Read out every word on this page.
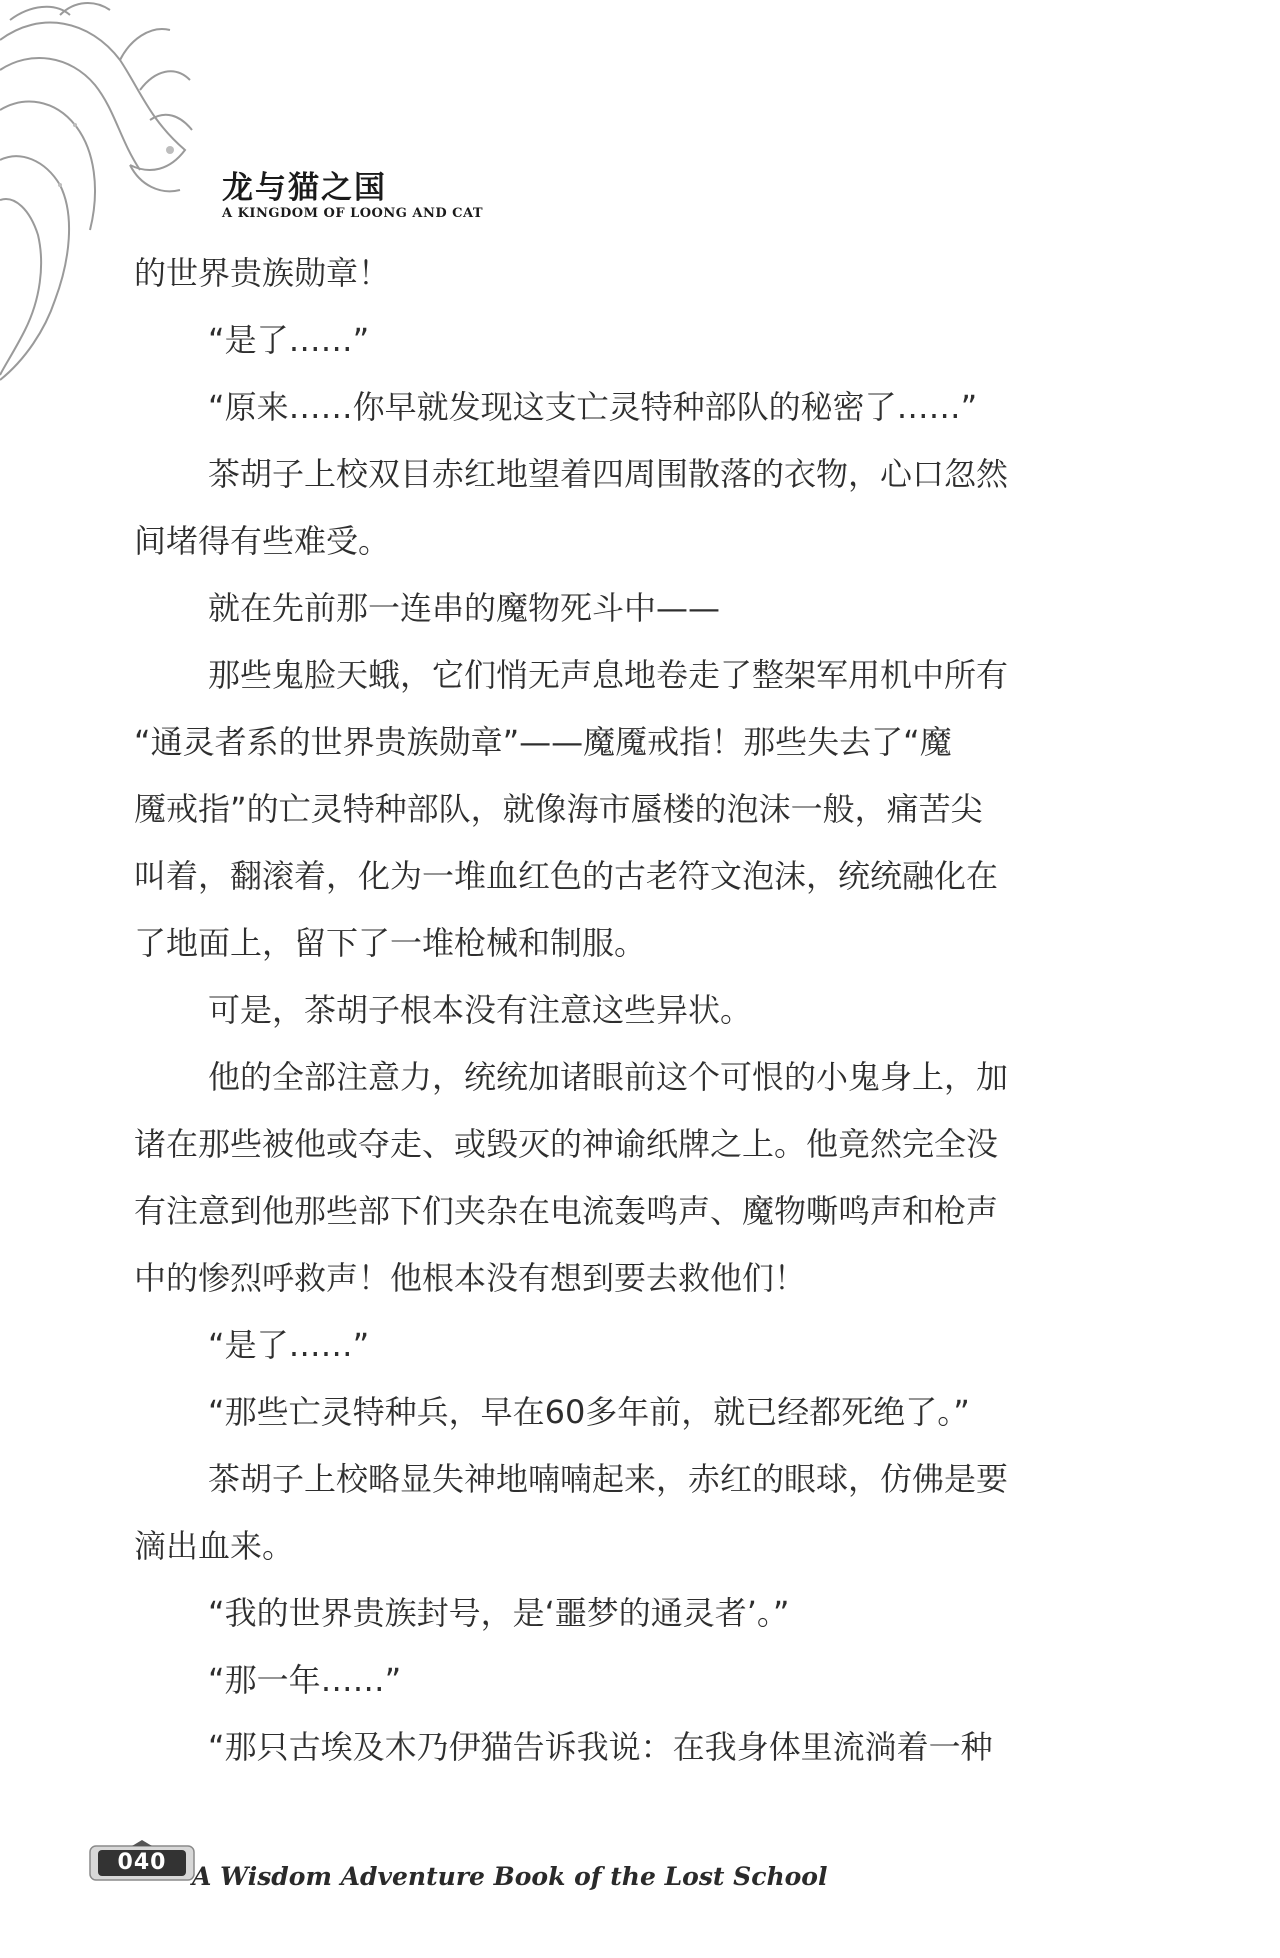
龙与猫之国
A KINGDOM OF LOONG AND CAT

的世界贵族勋章！

“是了……”

“原来……你早就发现这支亡灵特种部队的秘密了……”

茶胡子上校双目赤红地望着四周围散落的衣物，心口忽然

间堵得有些难受。

就在先前那一连串的魔物死斗中——

那些鬼脸天蛾，它们悄无声息地卷走了整架军用机中所有

“通灵者系的世界贵族勋章”——魔魇戒指！那些失去了“魔

魇戒指”的亡灵特种部队，就像海市蜃楼的泡沫一般，痛苦尖

叫着，翻滚着，化为一堆血红色的古老符文泡沫，统统融化在

了地面上，留下了一堆枪械和制服。

可是，茶胡子根本没有注意这些异状。

他的全部注意力，统统加诸眼前这个可恨的小鬼身上，加

诸在那些被他或夺走、或毁灭的神谕纸牌之上。他竟然完全没

有注意到他那些部下们夹杂在电流轰鸣声、魔物嘶鸣声和枪声

中的惨烈呼救声！他根本没有想到要去救他们！

“是了……”

“那些亡灵特种兵，早在60多年前，就已经都死绝了。”

茶胡子上校略显失神地喃喃起来，赤红的眼球，仿佛是要

滴出血来。

“我的世界贵族封号，是‘噩梦的通灵者’。”

“那一年……”

“那只古埃及木乃伊猫告诉我说：在我身体里流淌着一种

040	A Wisdom Adventure Book of the Lost School
